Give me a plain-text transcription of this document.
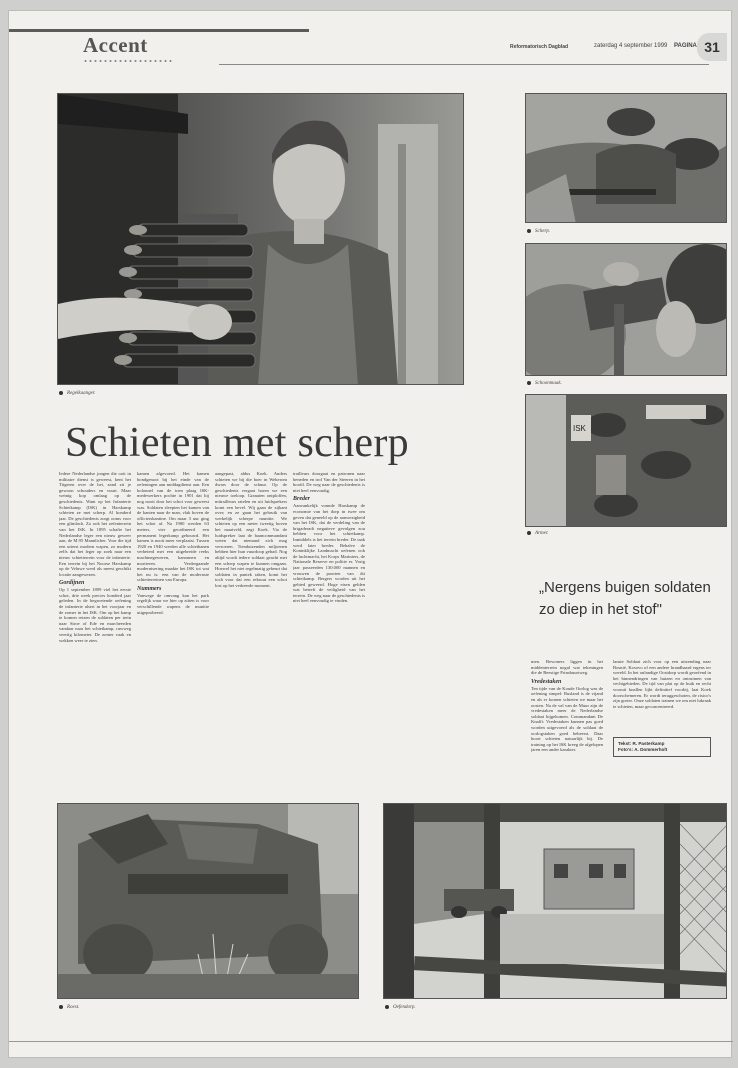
Accent	Reformatorisch Dagblad	zaterdag 4 september 1999 PAGINA 31
Regelkaanger.
Scherp.
Schoonmaak.
ISK
Armer.
„Nergens buigen soldaten zo diep in het stof"
Schieten met scherp

Iedere Nederlandse jongen die ooit in militaire dienst is geweest, kent het Tiigeren over de hei, zand zit je gewoon schouders en vuurt. Maar weinig kop omlaag op de geschiedenis. Want op het Infanterie Schietkamp (ISK) in Harskamp schieten ze met scherp. Al honderd jaar. De geschiedenis zorgt ooms voor een glimlach. Zo ook het oefenterrein van het ISK. In 1895 schafte het Nederlandse leger een nieuw geweer aan, de M.95 Mannlicher. Voor die tijd een uiterst modern wapen, zo modern zelfs dat het leger op zoek naar een nieuw schietterrein voor de infanterie. Een terrein bij het Noorse Harskamp op de Veluwe werd als meest geschikt locatie aangewezen.

Gordijnen

Op 1 september 1899 viel het eerste schot, drie week precies honderd jaar geleden. In de begroetende oefening de infanterie alsert in het voorjaar en de zomer in het ISK. Om op het kamp te komen reizen de soldaten per trein naar Stroe of Ede en marcheerden vandaar naar het schietkamp, ruwweg veertig kilometer. De zomer vaak en wekken weer te zien.

kamen afgevoerd. Het kamen bondgenoot bij het einde van de oefeningen aan middagdienst aan. Een kolonnel van de toen plaag ISK-medewerkers pochte in 1901 dat hij nog nooit door het schot voor geweest was. Soldaten sleepten het kamen van de kanten naar de man, vlak boven de officierskantine. Om maar 3 uur ging het schot af. Na 1900 werden 63 meters, vier geordineerd een permanent legerkamp gebouwd. Het kamen is nooit meer verplaatst. Tussen 1920 en 1940 werden alle schietbanen verbeterd met een uitgebreide reeks machinegeweren, kanonnen en mortieren. Verdergaande modernisering maakte het ISK tot wat het nu is: een van de modernste schietterreinen van Europa.

Nummers

Vanwege de omvang kan het park regelijk waar we hier op zitten is voor verschillende wapens de munitie uitgeprobeerd.

aangepast, aldus Koek. Anders schieten we bij die boer in Wekerom dwars door de schuur. Op de geschiedenis vergaat horen we een nieuwe toeloop. Granaten ontploffen, mitrailleurs ratelen en uit luidsprekers komt een bevel. Wij gaan de zijkant over; en ze gaan het gebruik van werkelijk scherpe munitie. We schieten op een meter tweetig boven het maaiveld, zegt Koek. Via de luidspreker laat de baancommandant weten dat niemand zich mag verroeren. Tienduizenden miljoenen hebben hier hun vuurdoop gehad. Nog altijd wordt iedere soldaat geacht met een scherp wapen te kunnen omgaan. Hoewel het niet regelmatig gebeurt dat soldaten in paniek raken, komt het toch voor dat een rekruut een schot lost op het verkeerde moment.

trailleurs doorgaat en patronen naar beneden en trof Van der Steeren in het hoofd. De weg naar de geschiedenis is niet heel eenvoudig.

Breder

Aanvankelijk vonnde Harskamp de economie van het dorp in twee om geven dat geneeld op de aanwezigheid van het ISK, dat de verdeling van de brigaderadt negatieve gevolgen zou hebben voor het schietkamp. Inmiddels is het terrein breder. De taak werd later breder. Behalve de Koninklijke Landmacht oefenen ook de luchtmacht, het Korps Mariniers, de Nationale Reserve en politie er. Vorig jaar passeerden 130.000 mannen en vrouwen de poorten van dit schietkamp. Bergers worden uit het gebied geweerd. Hoge eisen gelden wat betreft de veiligheid van het terrein. De weg naar de geschiedenis is niet heel eenvoudig te vinden.

men. Bewoners liggen in het middenterrein nogal wat tekeningen die de Beestige Prinsbuurtweg.

Vredestaken

Ten tijde van de Koude Oorlog was de oefening simpel: Rusland is de vijand en als er komen schieten we maar het oosten. Na de val van de Muur zijn de vredestaken meer de Nederlandse soldaat bijgekomen. Commandant De Knaffi: Vredestaken kunnen pas goed worden uitgevoerd als de soldaat de oorlogstaken goed beheerst. Daar hoort schieten natuurlijk bij. De training op het ISK kreeg de afgelopen jaren een ander karakter.

lanste Soldaat zich voor op een uitzending naar Bosnië, Kosovo of een andere brandhaard ergens ter wereld. In het onlandige Oostdorp wordt geoefend in het binnendringen van huizen en ontruimen van vechtgebieden. De tijd van plat op de buik en recht vooruit knallen lijkt definitief voorbij, laat Koek doorschemeren. Er wordt teruggeschoten, de risico's zijn groter. Onze soldaten trainen we om niet lukraak te schieten, maar geconcentreerd.

Tekst: R. Pasterkamp
Foto's: A. Dommerholt
Roest.	Oefendorp.
